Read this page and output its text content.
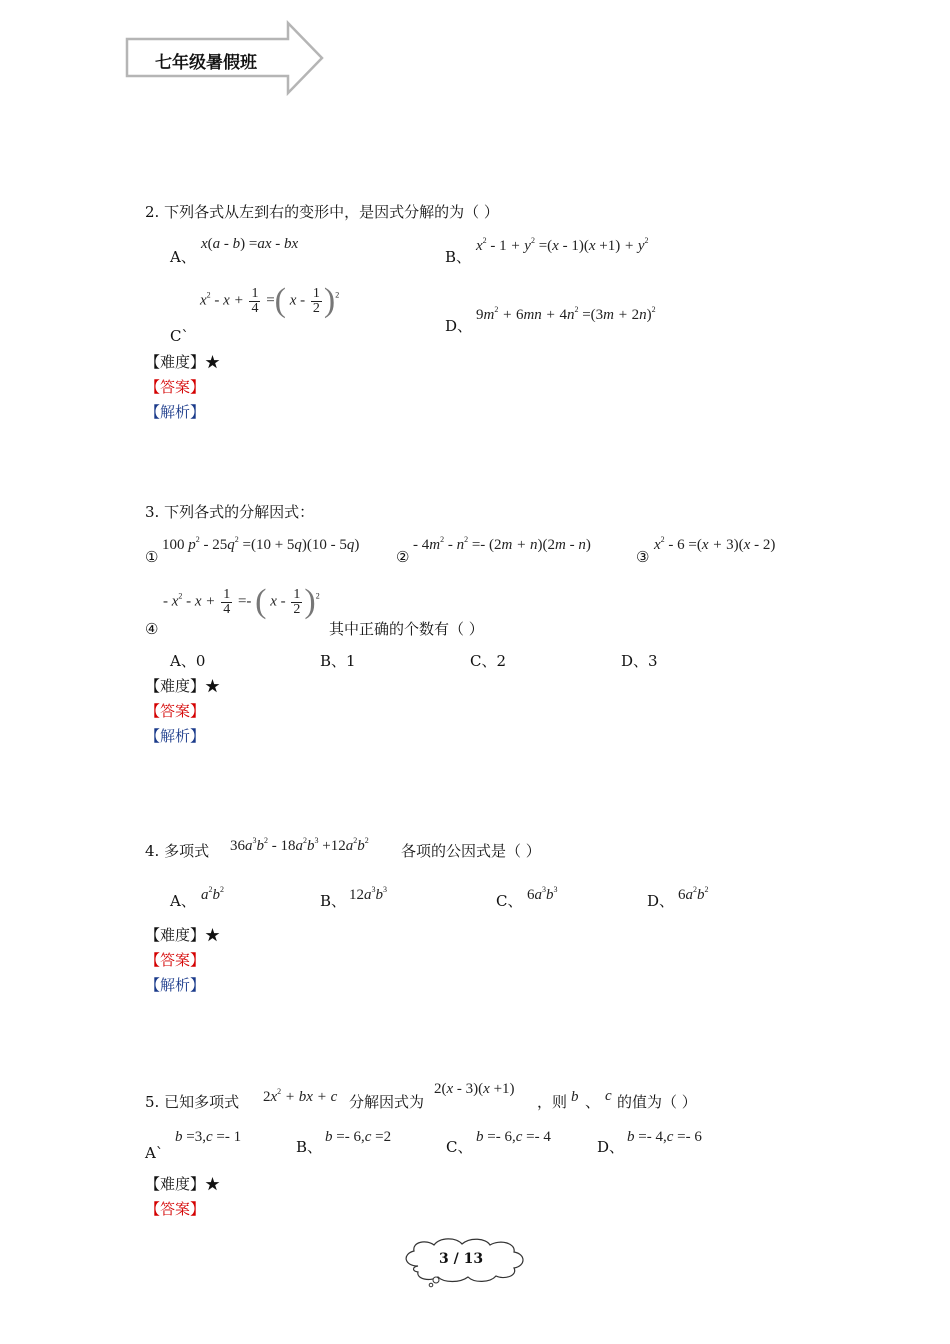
七年级暑假班
2. 下列各式从左到右的变形中，是因式分解的为（ ）
A、
x(a - b) =ax - bx
B、
$x^2 - 1 + y^2 =(x - 1)(x +1) + y^2$
C`
$x^2 - x + \frac{1}{4}$ =( x - $\frac{1}{2} )^2$
D、
$9m^2 + 6mn + 4n^2 =(3m + 2n)^2$
【难度】★
【答案】
【解析】
3. 下列各式的分解因式：
①
100 $p^2 - 25q^2 =(10 + 5q)(10 - 5q)$
②
- $4m^2 - n^2 =- (2m + n)(2m - n)$
③
$x^2 - 6 =(x + 3)(x - 2)$
④
- $x^2 - x + \frac{1}{4}$ =- ( x - $\frac{1}{2} )^2$
其中正确的个数有（ ）
A、0	B、1	C、2	D、3
【难度】★
【答案】
【解析】
4. 多项式 $36a^3b^2 - 18a^2b^3 +12a^2b^2$
各项的公因式是（ ）
A、 $a^2b^2$
B、 $12a^3b^3$
C、 $6a^3b^3$
D、 $6a^2b^2$
【难度】★
【答案】
【解析】
5. 已知多项式 $2x^2$ + bx + c 分解因式为
2(x - 3)(x +1)
，则 b 、 c 的值为（ ）
A`
b =3,c =- 1
B、
b =- 6,c =2
C、
b =- 6,c =- 4
D、
b =- 4,c =- 6
【难度】★
【答案】
3 / 13
